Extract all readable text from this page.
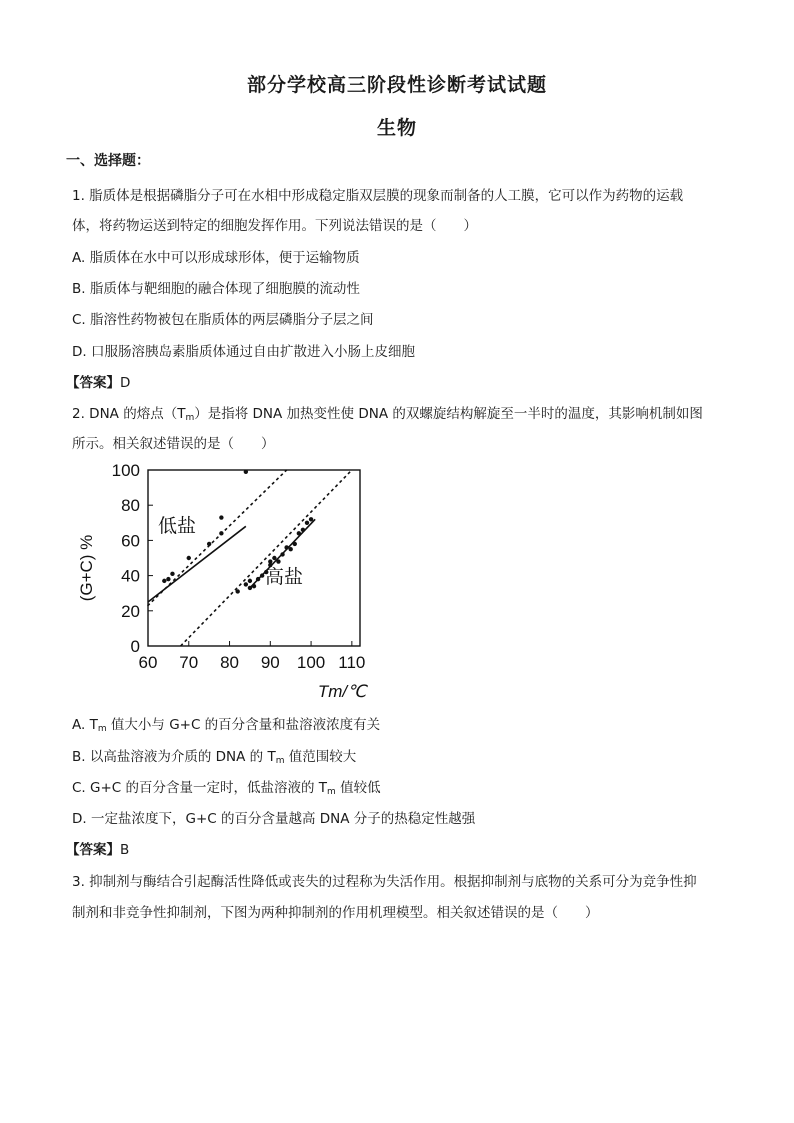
部分学校高三阶段性诊断考试试题
生物
一、选择题：
1. 脂质体是根据磷脂分子可在水相中形成稳定脂双层膜的现象而制备的人工膜，它可以作为药物的运载
体，将药物运送到特定的细胞发挥作用。下列说法错误的是（　　）
A. 脂质体在水中可以形成球形体，便于运输物质
B. 脂质体与靶细胞的融合体现了细胞膜的流动性
C. 脂溶性药物被包在脂质体的两层磷脂分子层之间
D. 口服肠溶胰岛素脂质体通过自由扩散进入小肠上皮细胞
【答案】D
2. DNA 的熔点$(T_m)$是指将 DNA 加热变性使 DNA 的双螺旋结构解旋至一半时的温度，其影响机制如图
所示。相关叙述错误的是（　　）
60 70 80 90 100 110
0
20
40
60
80
100
Tm/℃
(G+C) %
低盐
高盐
A. $T_m$ 值大小与 G+C 的百分含量和盐溶液浓度有关
B. 以高盐溶液为介质的 DNA 的 $T_m$ 值范围较大
C. G+C 的百分含量一定时，低盐溶液的 $T_m$ 值较低
D. 一定盐浓度下，G+C 的百分含量越高 DNA 分子的热稳定性越强
【答案】B
3. 抑制剂与酶结合引起酶活性降低或丧失的过程称为失活作用。根据抑制剂与底物的关系可分为竞争性抑
制剂和非竞争性抑制剂，下图为两种抑制剂的作用机理模型。相关叙述错误的是（　　）
